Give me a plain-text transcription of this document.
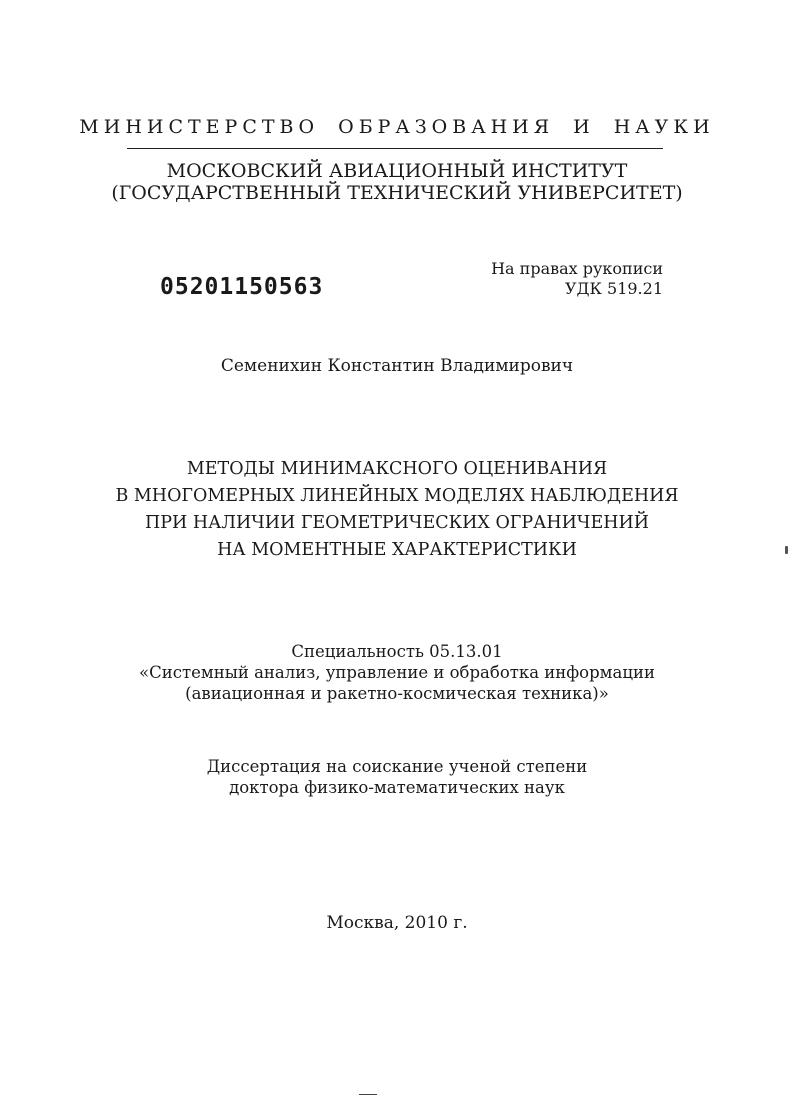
МИНИСТЕРСТВО ОБРАЗОВАНИЯ И НАУКИ
МОСКОВСКИЙ АВИАЦИОННЫЙ ИНСТИТУТ
(ГОСУДАРСТВЕННЫЙ ТЕХНИЧЕСКИЙ УНИВЕРСИТЕТ)
На правах рукописи
УДК 519.21
05201150563
Семенихин Константин Владимирович
МЕТОДЫ МИНИМАКСНОГО ОЦЕНИВАНИЯ
В МНОГОМЕРНЫХ ЛИНЕЙНЫХ МОДЕЛЯХ НАБЛЮДЕНИЯ
ПРИ НАЛИЧИИ ГЕОМЕТРИЧЕСКИХ ОГРАНИЧЕНИЙ
НА МОМЕНТНЫЕ ХАРАКТЕРИСТИКИ
Специальность 05.13.01
«Системный анализ, управление и обработка информации
(авиационная и ракетно-космическая техника)»
Диссертация на соискание ученой степени
доктора физико-математических наук
Москва, 2010 г.
